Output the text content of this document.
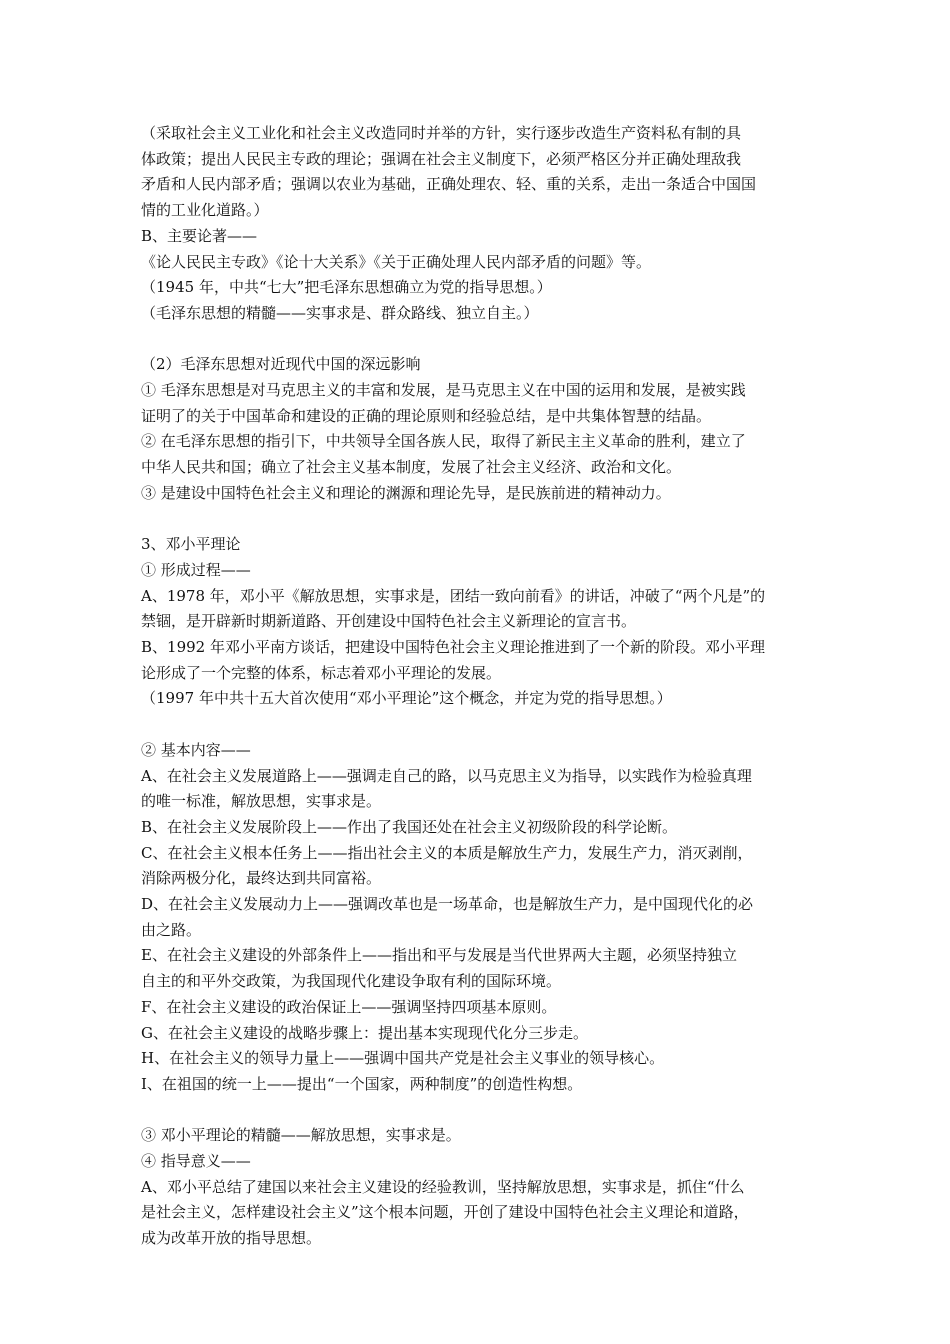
（采取社会主义工业化和社会主义改造同时并举的方针，实行逐步改造生产资料私有制的具

体政策；提出人民民主专政的理论；强调在社会主义制度下，必须严格区分并正确处理敌我

矛盾和人民内部矛盾；强调以农业为基础，正确处理农、轻、重的关系，走出一条适合中国国

情的工业化道路。）

B、主要论著——

《论人民民主专政》《论十大关系》《关于正确处理人民内部矛盾的问题》等。

（1945 年，中共“七大”把毛泽东思想确立为党的指导思想。）

（毛泽东思想的精髓——实事求是、群众路线、独立自主。）

（2）毛泽东思想对近现代中国的深远影响

① 毛泽东思想是对马克思主义的丰富和发展，是马克思主义在中国的运用和发展，是被实践

证明了的关于中国革命和建设的正确的理论原则和经验总结，是中共集体智慧的结晶。

② 在毛泽东思想的指引下，中共领导全国各族人民，取得了新民主主义革命的胜利，建立了

中华人民共和国；确立了社会主义基本制度，发展了社会主义经济、政治和文化。

③ 是建设中国特色社会主义和理论的渊源和理论先导，是民族前进的精神动力。

3、邓小平理论

① 形成过程——

A、1978 年，邓小平《解放思想，实事求是，团结一致向前看》的讲话，冲破了“两个凡是”的

禁锢，是开辟新时期新道路、开创建设中国特色社会主义新理论的宣言书。

B、1992 年邓小平南方谈话，把建设中国特色社会主义理论推进到了一个新的阶段。邓小平理

论形成了一个完整的体系，标志着邓小平理论的发展。

（1997 年中共十五大首次使用“邓小平理论”这个概念，并定为党的指导思想。）

② 基本内容——

A、在社会主义发展道路上——强调走自己的路，以马克思主义为指导，以实践作为检验真理

的唯一标准，解放思想，实事求是。

B、在社会主义发展阶段上——作出了我国还处在社会主义初级阶段的科学论断。

C、在社会主义根本任务上——指出社会主义的本质是解放生产力，发展生产力，消灭剥削，

消除两极分化，最终达到共同富裕。

D、在社会主义发展动力上——强调改革也是一场革命，也是解放生产力，是中国现代化的必

由之路。

E、在社会主义建设的外部条件上——指出和平与发展是当代世界两大主题，必须坚持独立

自主的和平外交政策，为我国现代化建设争取有利的国际环境。

F、在社会主义建设的政治保证上——强调坚持四项基本原则。

G、在社会主义建设的战略步骤上：提出基本实现现代化分三步走。

H、在社会主义的领导力量上——强调中国共产党是社会主义事业的领导核心。

I、在祖国的统一上——提出“一个国家，两种制度”的创造性构想。

③ 邓小平理论的精髓——解放思想，实事求是。

④ 指导意义——

A、邓小平总结了建国以来社会主义建设的经验教训，坚持解放思想，实事求是，抓住“什么

是社会主义，怎样建设社会主义”这个根本问题，开创了建设中国特色社会主义理论和道路，

成为改革开放的指导思想。
